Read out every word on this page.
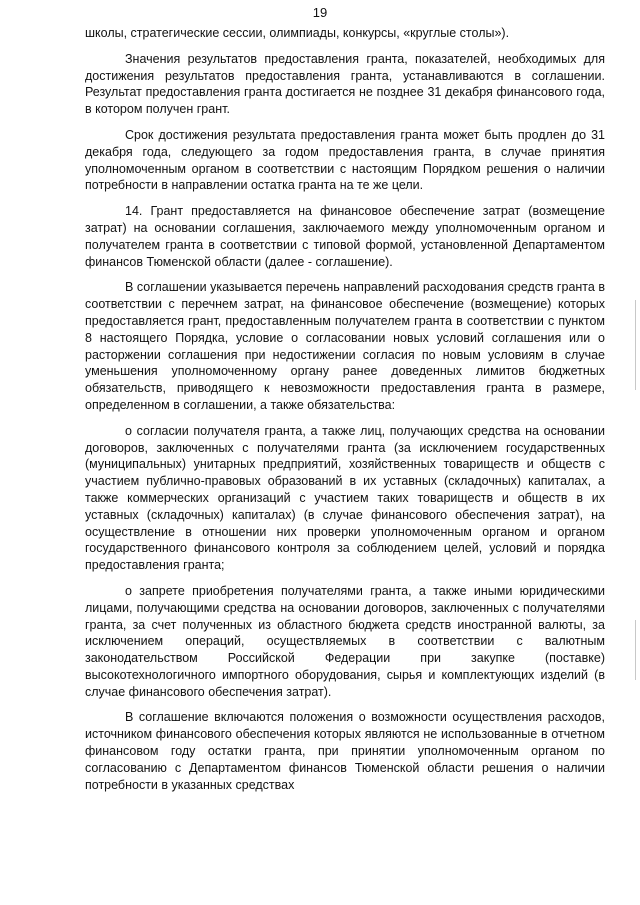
19

школы, стратегические сессии, олимпиады, конкурсы, «круглые столы»).

Значения результатов предоставления гранта, показателей, необходимых для достижения результатов предоставления гранта, устанавливаются в соглашении. Результат предоставления гранта достигается не позднее 31 декабря финансового года, в котором получен грант.

Срок достижения результата предоставления гранта может быть продлен до 31 декабря года, следующего за годом предоставления гранта, в случае принятия уполномоченным органом в соответствии с настоящим Порядком решения о наличии потребности в направлении остатка гранта на те же цели.

14. Грант предоставляется на финансовое обеспечение затрат (возмещение затрат) на основании соглашения, заключаемого между уполномоченным органом и получателем гранта в соответствии с типовой формой, установленной Департаментом финансов Тюменской области (далее - соглашение).

В соглашении указывается перечень направлений расходования средств гранта в соответствии с перечнем затрат, на финансовое обеспечение (возмещение) которых предоставляется грант, предоставленным получателем гранта в соответствии с пунктом 8 настоящего Порядка, условие о согласовании новых условий соглашения или о расторжении соглашения при недостижении согласия по новым условиям в случае уменьшения уполномоченному органу ранее доведенных лимитов бюджетных обязательств, приводящего к невозможности предоставления гранта в размере, определенном в соглашении, а также обязательства:

о согласии получателя гранта, а также лиц, получающих средства на основании договоров, заключенных с получателями гранта (за исключением государственных (муниципальных) унитарных предприятий, хозяйственных товариществ и обществ с участием публично-правовых образований в их уставных (складочных) капиталах, а также коммерческих организаций с участием таких товариществ и обществ в их уставных (складочных) капиталах) (в случае финансового обеспечения затрат), на осуществление в отношении них проверки уполномоченным органом и органом государственного финансового контроля за соблюдением целей, условий и порядка предоставления гранта;

о запрете приобретения получателями гранта, а также иными юридическими лицами, получающими средства на основании договоров, заключенных с получателями гранта, за счет полученных из областного бюджета средств иностранной валюты, за исключением операций, осуществляемых в соответствии с валютным законодательством Российской Федерации при закупке (поставке) высокотехнологичного импортного оборудования, сырья и комплектующих изделий (в случае финансового обеспечения затрат).

В соглашение включаются положения о возможности осуществления расходов, источником финансового обеспечения которых являются не использованные в отчетном финансовом году остатки гранта, при принятии уполномоченным органом по согласованию с Департаментом финансов Тюменской области решения о наличии потребности в указанных средствах
